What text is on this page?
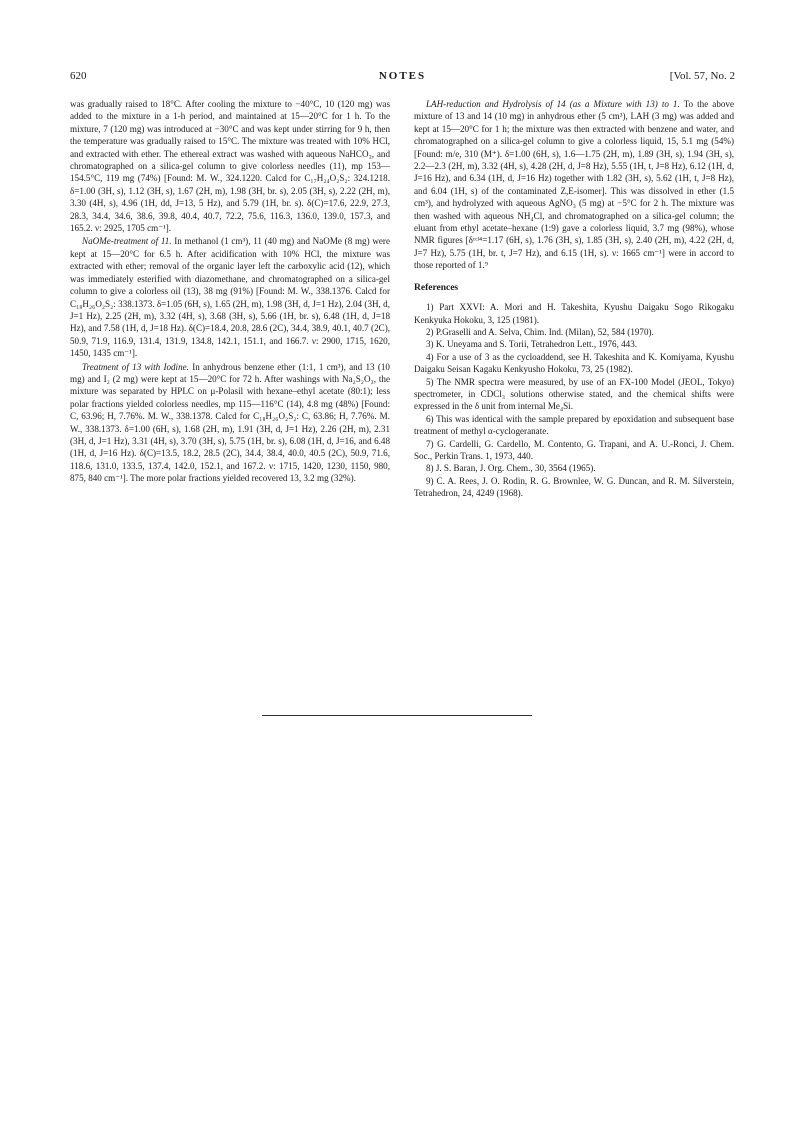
620	NOTES	[Vol. 57, No. 2

was gradually raised to 18°C. After cooling the mixture to −40°C, 10 (120 mg) was added to the mixture in a 1-h period, and maintained at 15—20°C for 1 h. To the mixture, 7 (120 mg) was introduced at −30°C and was kept under stirring for 9 h, then the temperature was gradually raised to 15°C. The mixture was treated with 10% HCl, and extracted with ether. The ethereal extract was washed with aqueous NaHCO₃, and chromatographed on a silica-gel column to give colorless needles (11), mp 153—154.5°C, 119 mg (74%) [Found: M. W., 324.1220. Calcd for C₁₇H₂₄O₂S₂: 324.1218. δ=1.00 (3H, s), 1.12 (3H, s), 1.67 (2H, m), 1.98 (3H, br. s), 2.05 (3H, s), 2.22 (2H, m), 3.30 (4H, s), 4.96 (1H, dd, J=13, 5 Hz), and 5.79 (1H, br. s). δ(C)=17.6, 22.9, 27.3, 28.3, 34.4, 34.6, 38.6, 39.8, 40.4, 40.7, 72.2, 75.6, 116.3, 136.0, 139.0, 157.3, and 165.2. ν: 2925, 1705 cm⁻¹].

NaOMe-treatment of 11. In methanol (1 cm³), 11 (40 mg) and NaOMe (8 mg) were kept at 15—20°C for 6.5 h. After acidification with 10% HCl, the mixture was extracted with ether; removal of the organic layer left the carboxylic acid (12), which was immediately esterified with diazomethane, and chromatographed on a silica-gel column to give a colorless oil (13), 38 mg (91%) [Found: M. W., 338.1376. Calcd for C₁₈H₂₆O₂S₂: 338.1373. δ=1.05 (6H, s), 1.65 (2H, m), 1.98 (3H, d, J=1 Hz), 2.04 (3H, d, J=1 Hz), 2.25 (2H, m), 3.32 (4H, s), 3.68 (3H, s), 5.66 (1H, br. s), 6.48 (1H, d, J=18 Hz), and 7.58 (1H, d, J=18 Hz). δ(C)=18.4, 20.8, 28.6 (2C), 34.4, 38.9, 40.1, 40.7 (2C), 50.9, 71.9, 116.9, 131.4, 131.9, 134.8, 142.1, 151.1, and 166.7. ν: 2900, 1715, 1620, 1450, 1435 cm⁻¹].

Treatment of 13 with Iodine. In anhydrous benzene ether (1:1, 1 cm³), and 13 (10 mg) and I₂ (2 mg) were kept at 15—20°C for 72 h. After washings with Na₂S₂O₃, the mixture was separated by HPLC on μ-Polasil with hexane–ethyl acetate (80:1); less polar fractions yielded colorless needles, mp 115—116°C (14), 4.8 mg (48%) [Found: C, 63.96; H, 7.76%. M. W., 338.1378. Calcd for C₁₈H₂₆O₂S₂: C, 63.86; H, 7.76%. M. W., 338.1373. δ=1.00 (6H, s), 1.68 (2H, m), 1.91 (3H, d, J=1 Hz), 2.26 (2H, m), 2.31 (3H, d, J=1 Hz), 3.31 (4H, s), 3.70 (3H, s), 5.75 (1H, br. s), 6.08 (1H, d, J=16, and 6.48 (1H, d, J=16 Hz). δ(C)=13.5, 18.2, 28.5 (2C), 34.4, 38.4, 40.0, 40.5 (2C), 50.9, 71.6, 118.6, 131.0, 133.5, 137.4, 142.0, 152.1, and 167.2. ν: 1715, 1420, 1230, 1150, 980, 875, 840 cm⁻¹]. The more polar fractions yielded recovered 13, 3.2 mg (32%).

LAH-reduction and Hydrolysis of 14 (as a Mixture with 13) to 1. To the above mixture of 13 and 14 (10 mg) in anhydrous ether (5 cm³), LAH (3 mg) was added and kept at 15—20°C for 1 h; the mixture was then extracted with benzene and water, and chromatographed on a silica-gel column to give a colorless liquid, 15, 5.1 mg (54%) [Found: m/e, 310 (M⁺). δ=1.00 (6H, s), 1.6—1.75 (2H, m), 1.89 (3H, s), 1.94 (3H, s), 2.2—2.3 (2H, m), 3.32 (4H, s), 4.28 (2H, d, J=8 Hz), 5.55 (1H, t, J=8 Hz), 6.12 (1H, d, J=16 Hz), and 6.34 (1H, d, J=16 Hz) together with 1.82 (3H, s), 5.62 (1H, t, J=8 Hz), and 6.04 (1H, s) of the contaminated Z,E-isomer]. This was dissolved in ether (1.5 cm³), and hydrolyzed with aqueous AgNO₃ (5 mg) at −5°C for 2 h. The mixture was then washed with aqueous NH₄Cl, and chromatographed on a silica-gel column; the eluant from ethyl acetate–hexane (1:9) gave a colorless liquid, 3.7 mg (98%), whose NMR figures [δᶜᶜˡ⁴=1.17 (6H, s), 1.76 (3H, s), 1.85 (3H, s), 2.40 (2H, m), 4.22 (2H, d, J=7 Hz), 5.75 (1H, br. t, J=7 Hz), and 6.15 (1H, s). ν: 1665 cm⁻¹] were in accord to those reported of 1.⁹

References

1) Part XXVI: A. Mori and H. Takeshita, Kyushu Daigaku Sogo Rikogaku Kenkyuka Hokoku, 3, 125 (1981).

2) P.Graselli and A. Selva, Chim. Ind. (Milan), 52, 584 (1970).

3) K. Uneyama and S. Torii, Tetrahedron Lett., 1976, 443.

4) For a use of 3 as the cycloaddend, see H. Takeshita and K. Komiyama, Kyushu Daigaku Seisan Kagaku Kenkyusho Hokoku, 73, 25 (1982).

5) The NMR spectra were measured, by use of an FX-100 Model (JEOL, Tokyo) spectrometer, in CDCl₃ solutions otherwise stated, and the chemical shifts were expressed in the δ unit from internal Me₄Si.

6) This was identical with the sample prepared by epoxidation and subsequent base treatment of methyl α-cyclogeranate.

7) G. Cardelli, G. Cardello, M. Contento, G. Trapani, and A. U.-Ronci, J. Chem. Soc., Perkin Trans. 1, 1973, 440.

8) J. S. Baran, J. Org. Chem., 30, 3564 (1965).

9) C. A. Rees, J. O. Rodin, R. G. Brownlee, W. G. Duncan, and R. M. Silverstein, Tetrahedron, 24, 4249 (1968).
